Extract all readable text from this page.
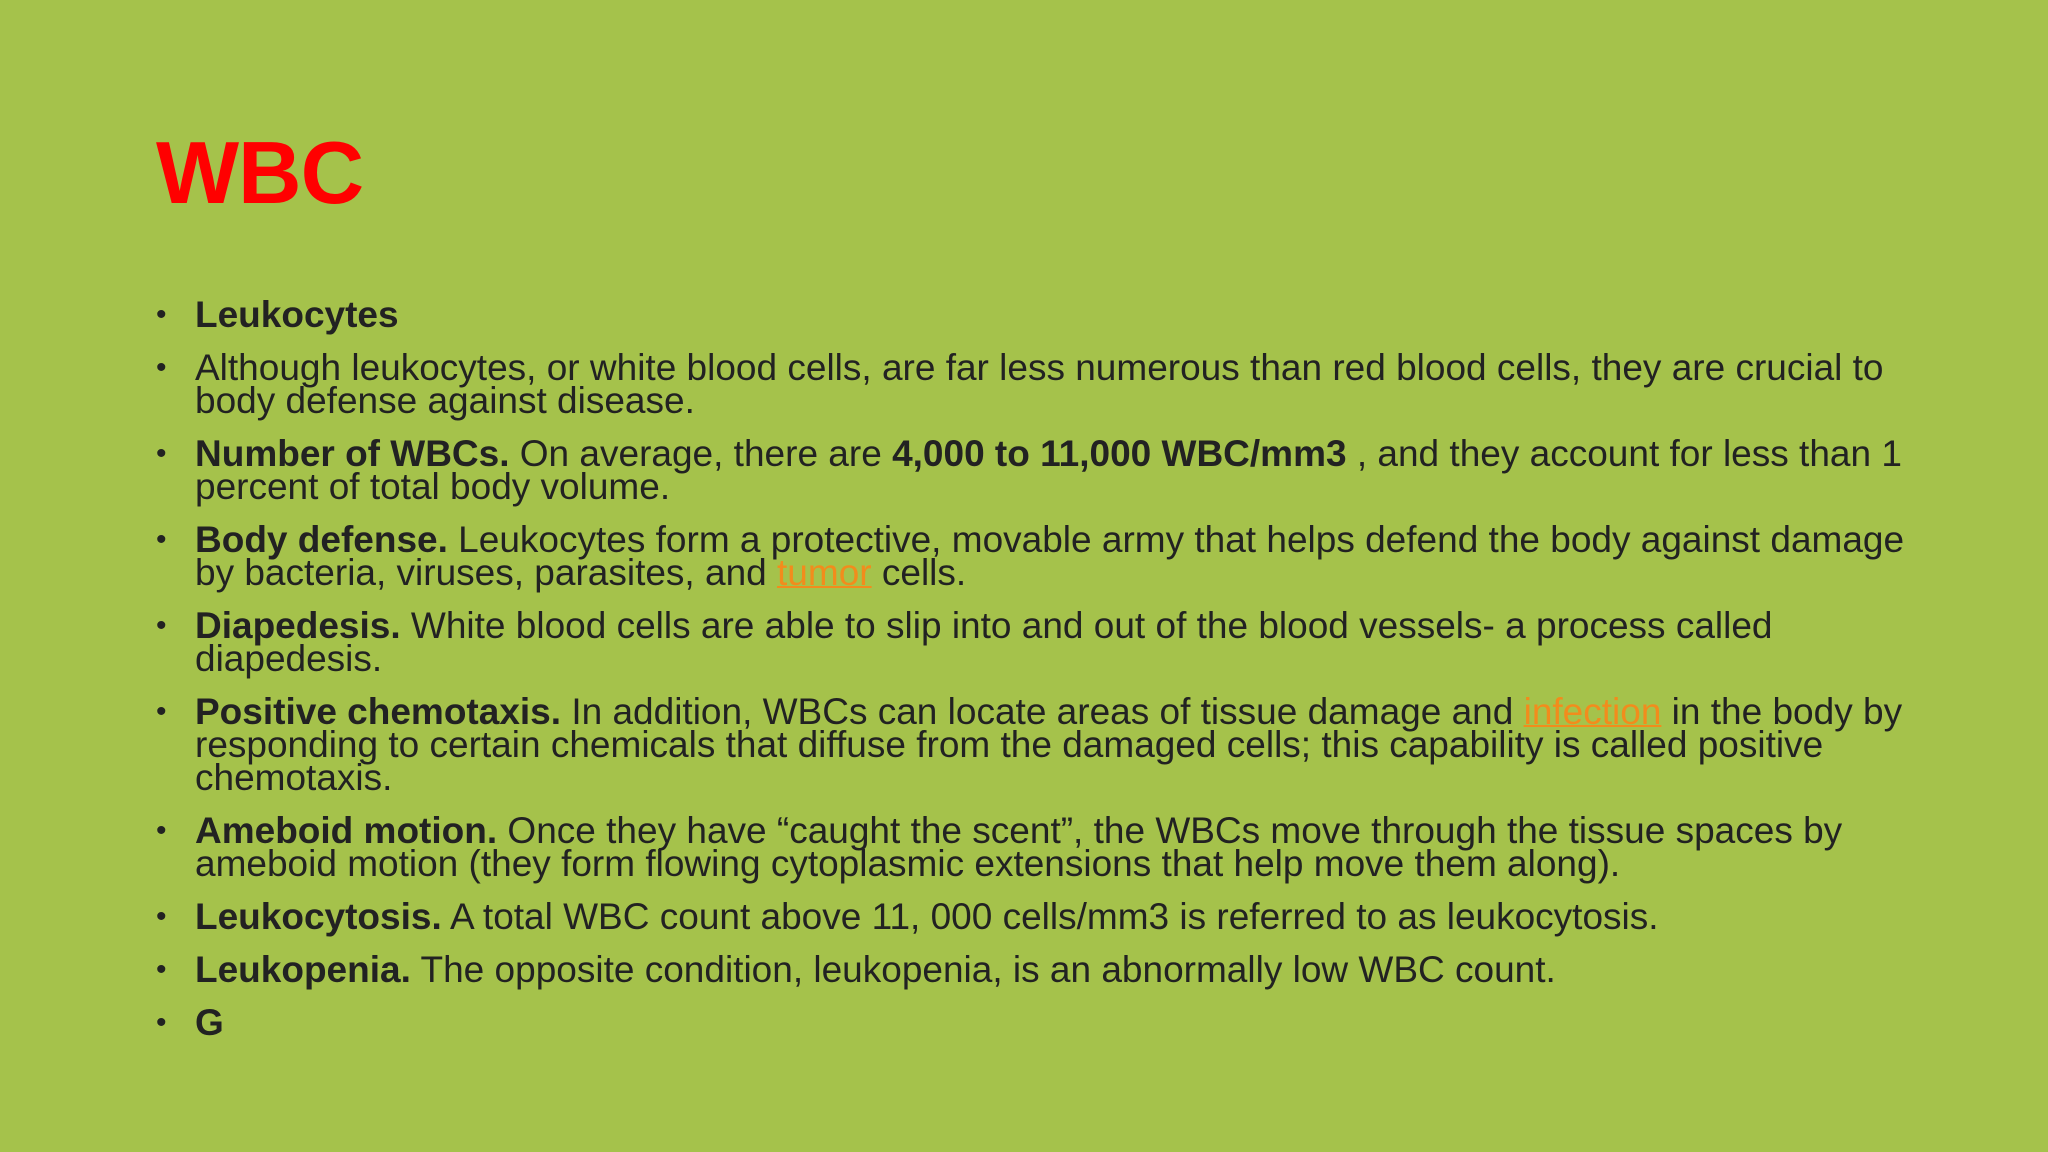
WBC
• Leukocytes
• Although leukocytes, or white blood cells, are far less numerous than red blood cells, they are crucial to body defense against disease.
• Number of WBCs. On average, there are 4,000 to 11,000 WBC/mm3 , and they account for less than 1 percent of total body volume.
• Body defense. Leukocytes form a protective, movable army that helps defend the body against damage by bacteria, viruses, parasites, and tumor cells.
• Diapedesis. White blood cells are able to slip into and out of the blood vessels- a process called diapedesis.
• Positive chemotaxis. In addition, WBCs can locate areas of tissue damage and infection in the body by responding to certain chemicals that diffuse from the damaged cells; this capability is called positive chemotaxis.
• Ameboid motion. Once they have “caught the scent”, the WBCs move through the tissue spaces by ameboid motion (they form flowing cytoplasmic extensions that help move them along).
• Leukocytosis. A total WBC count above 11, 000 cells/mm3 is referred to as leukocytosis.
• Leukopenia. The opposite condition, leukopenia, is an abnormally low WBC count.
• G
